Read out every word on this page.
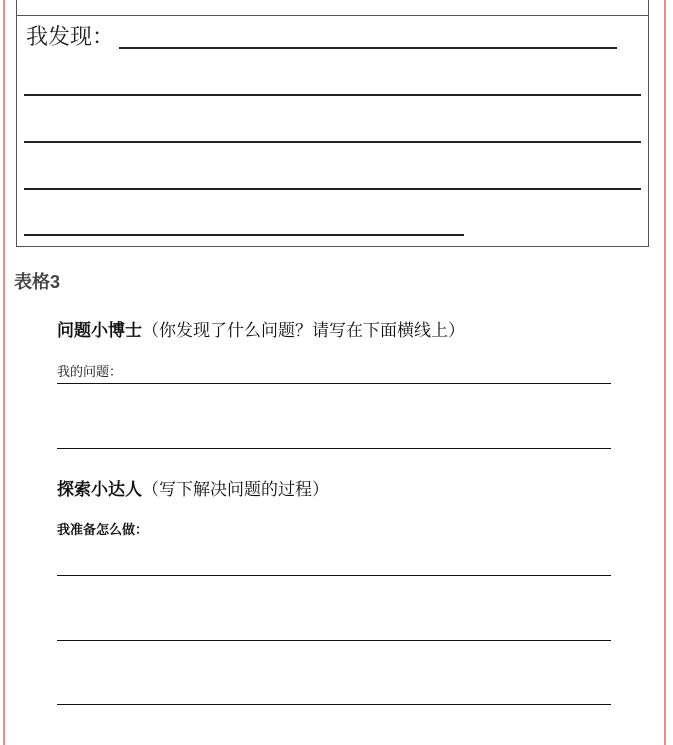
我发现：

表格3

问题小博士（你发现了什么问题？请写在下面横线上）

我的问题：

探索小达人（写下解决问题的过程）

我准备怎么做：
